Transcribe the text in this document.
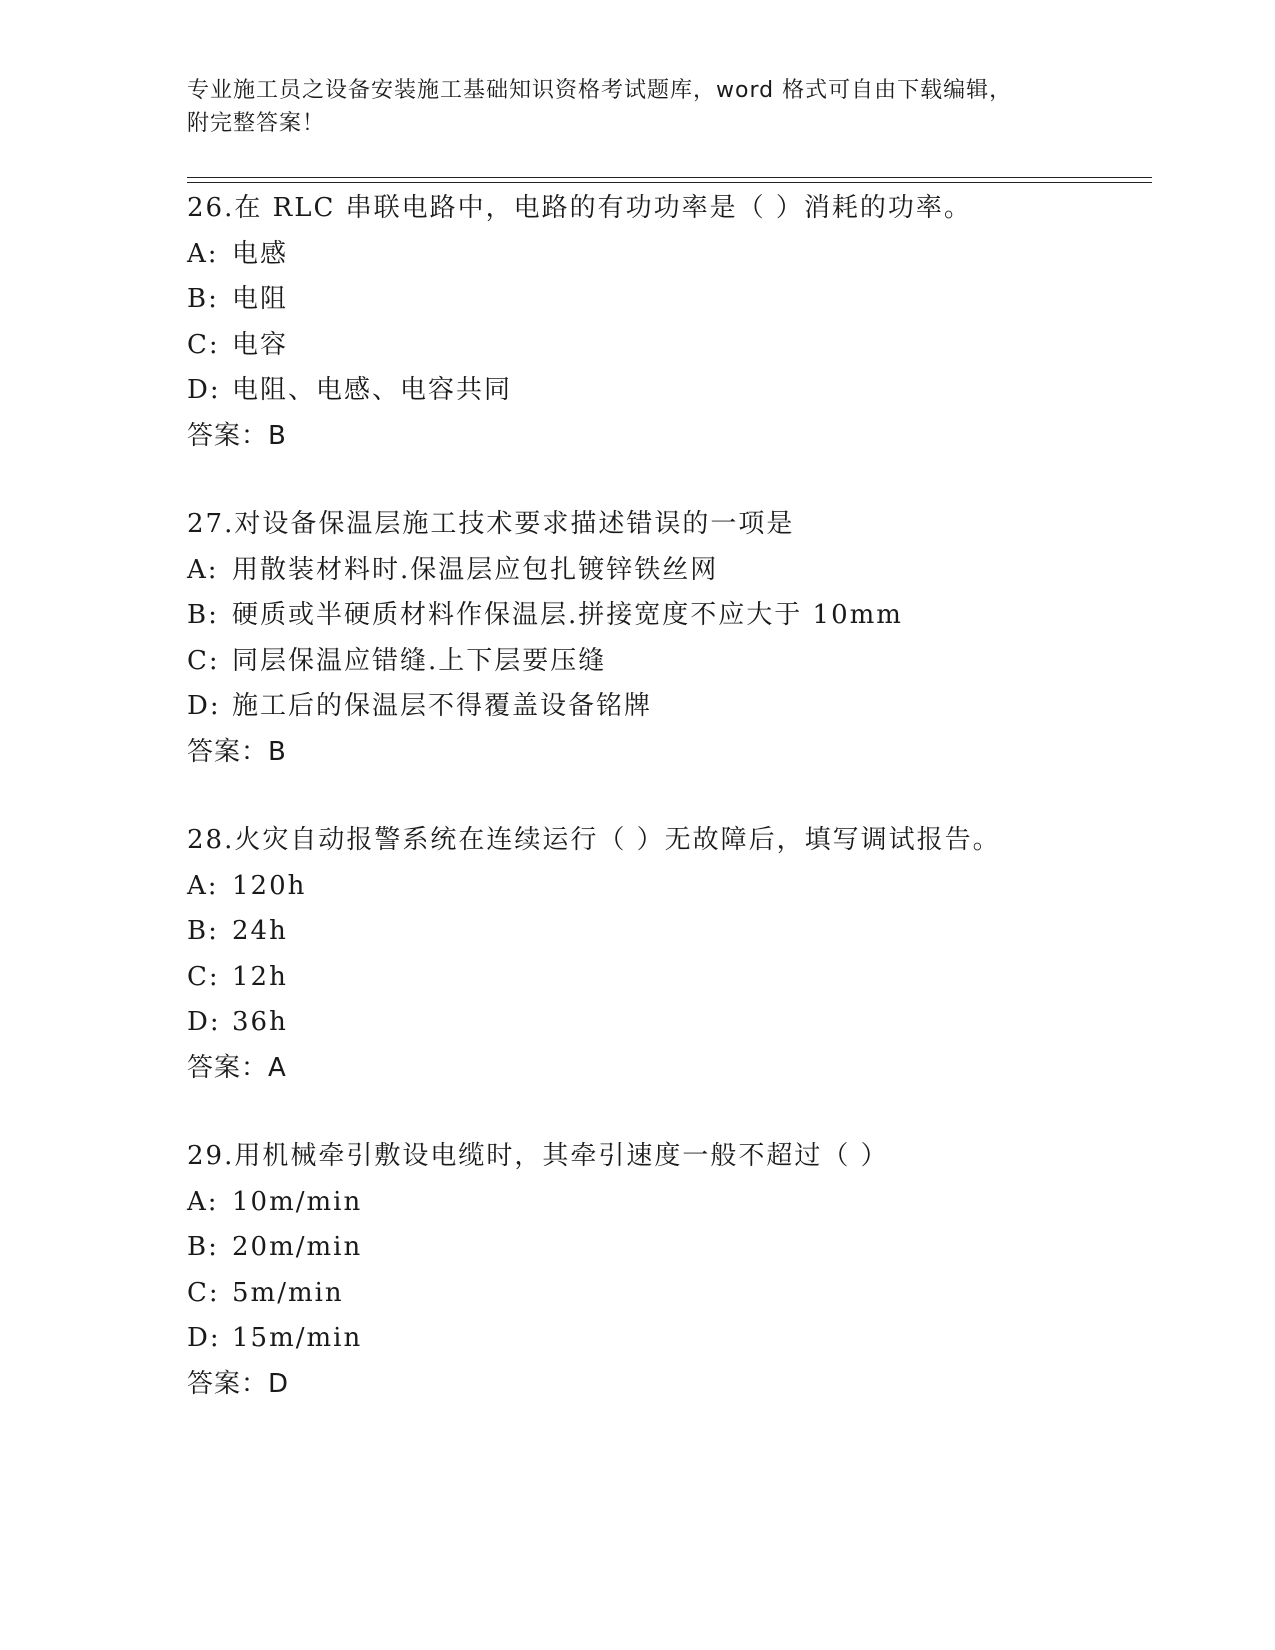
专业施工员之设备安装施工基础知识资格考试题库，word 格式可自由下载编辑，
附完整答案！
26.在 RLC 串联电路中，电路的有功功率是（ ）消耗的功率。
A: 电感
B: 电阻
C: 电容
D: 电阻、电感、电容共同
答案：B
27.对设备保温层施工技术要求描述错误的一项是
A: 用散装材料时.保温层应包扎镀锌铁丝网
B: 硬质或半硬质材料作保温层.拼接宽度不应大于 10mm
C: 同层保温应错缝.上下层要压缝
D: 施工后的保温层不得覆盖设备铭牌
答案：B
28.火灾自动报警系统在连续运行（ ）无故障后，填写调试报告。
A: 120h
B: 24h
C: 12h
D: 36h
答案：A
29.用机械牵引敷设电缆时，其牵引速度一般不超过（ ）
A: 10m/min
B: 20m/min
C: 5m/min
D: 15m/min
答案：D
